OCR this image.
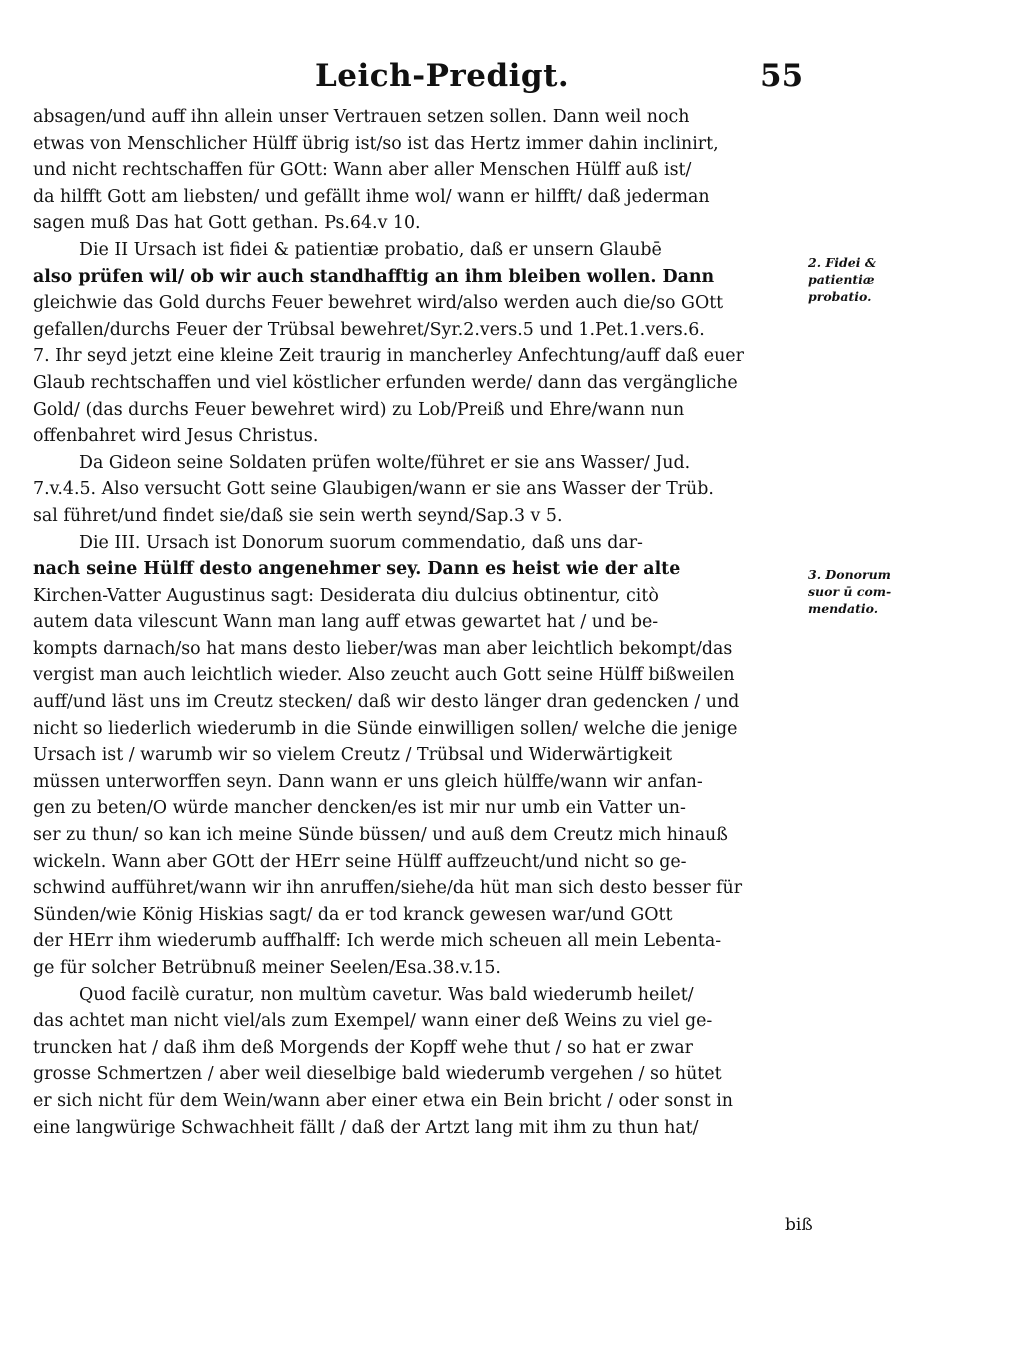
Leich-Predigt.	55
absagen/und auff ihn allein unser Vertrauen setzen sollen. Dann weil noch
etwas von Menschlicher Hülff übrig ist/so ist das Hertz immer dahin inclinirt,
und nicht rechtschaffen für GOtt: Wann aber aller Menschen Hülff auß ist/
da hilfft Gott am liebsten/ und gefällt ihme wol/ wann er hilfft/ daß jederman
sagen muß Das hat Gott gethan. Ps.64.v 10.
Die II Ursach ist fidei & patientiæ probatio, daß er unsern Glaubē
also prüfen wil/ ob wir auch standhafftig an ihm bleiben wollen. Dann
gleichwie das Gold durchs Feuer bewehret wird/also werden auch die/so GOtt
gefallen/durchs Feuer der Trübsal bewehret/Syr.2.vers.5 und 1.Pet.1.vers.6.
7. Ihr seyd jetzt eine kleine Zeit traurig in mancherley Anfechtung/auff daß euer
Glaub rechtschaffen und viel köstlicher erfunden werde/ dann das vergängliche
Gold/ (das durchs Feuer bewehret wird) zu Lob/Preiß und Ehre/wann nun
offenbahret wird Jesus Christus.
Da Gideon seine Soldaten prüfen wolte/führet er sie ans Wasser/ Jud.
7.v.4.5. Also versucht Gott seine Glaubigen/wann er sie ans Wasser der Trüb.
sal führet/und findet sie/daß sie sein werth seynd/Sap.3 v 5.
Die III. Ursach ist Donorum suorum commendatio, daß uns dar-
nach seine Hülff desto angenehmer sey. Dann es heist wie der alte
Kirchen-Vatter Augustinus sagt: Desiderata diu dulcius obtinentur, citò
autem data vilescunt Wann man lang auff etwas gewartet hat / und be-
kompts darnach/so hat mans desto lieber/was man aber leichtlich bekompt/das
vergist man auch leichtlich wieder. Also zeucht auch Gott seine Hülff bißweilen
auff/und läst uns im Creutz stecken/ daß wir desto länger dran gedencken / und
nicht so liederlich wiederumb in die Sünde einwilligen sollen/ welche die jenige
Ursach ist / warumb wir so vielem Creutz / Trübsal und Widerwärtigkeit
müssen unterworffen seyn. Dann wann er uns gleich hülffe/wann wir anfan-
gen zu beten/O würde mancher dencken/es ist mir nur umb ein Vatter un-
ser zu thun/ so kan ich meine Sünde büssen/ und auß dem Creutz mich hinauß
wickeln. Wann aber GOtt der HErr seine Hülff auffzeucht/und nicht so ge-
schwind aufführet/wann wir ihn anruffen/siehe/da hüt man sich desto besser für
Sünden/wie König Hiskias sagt/ da er tod kranck gewesen war/und GOtt
der HErr ihm wiederumb auffhalff: Ich werde mich scheuen all mein Lebenta-
ge für solcher Betrübnuß meiner Seelen/Esa.38.v.15.
Quod facilè curatur, non multùm cavetur. Was bald wiederumb heilet/
das achtet man nicht viel/als zum Exempel/ wann einer deß Weins zu viel ge-
truncken hat / daß ihm deß Morgends der Kopff wehe thut / so hat er zwar
grosse Schmertzen / aber weil dieselbige bald wiederumb vergehen / so hütet
er sich nicht für dem Wein/wann aber einer etwa ein Bein bricht / oder sonst in
eine langwürige Schwachheit fällt / daß der Artzt lang mit ihm zu thun hat/
biß
2. Fidei &
patientiæ
probatio.
3. Donorum
suor ū com-
mendatio.
